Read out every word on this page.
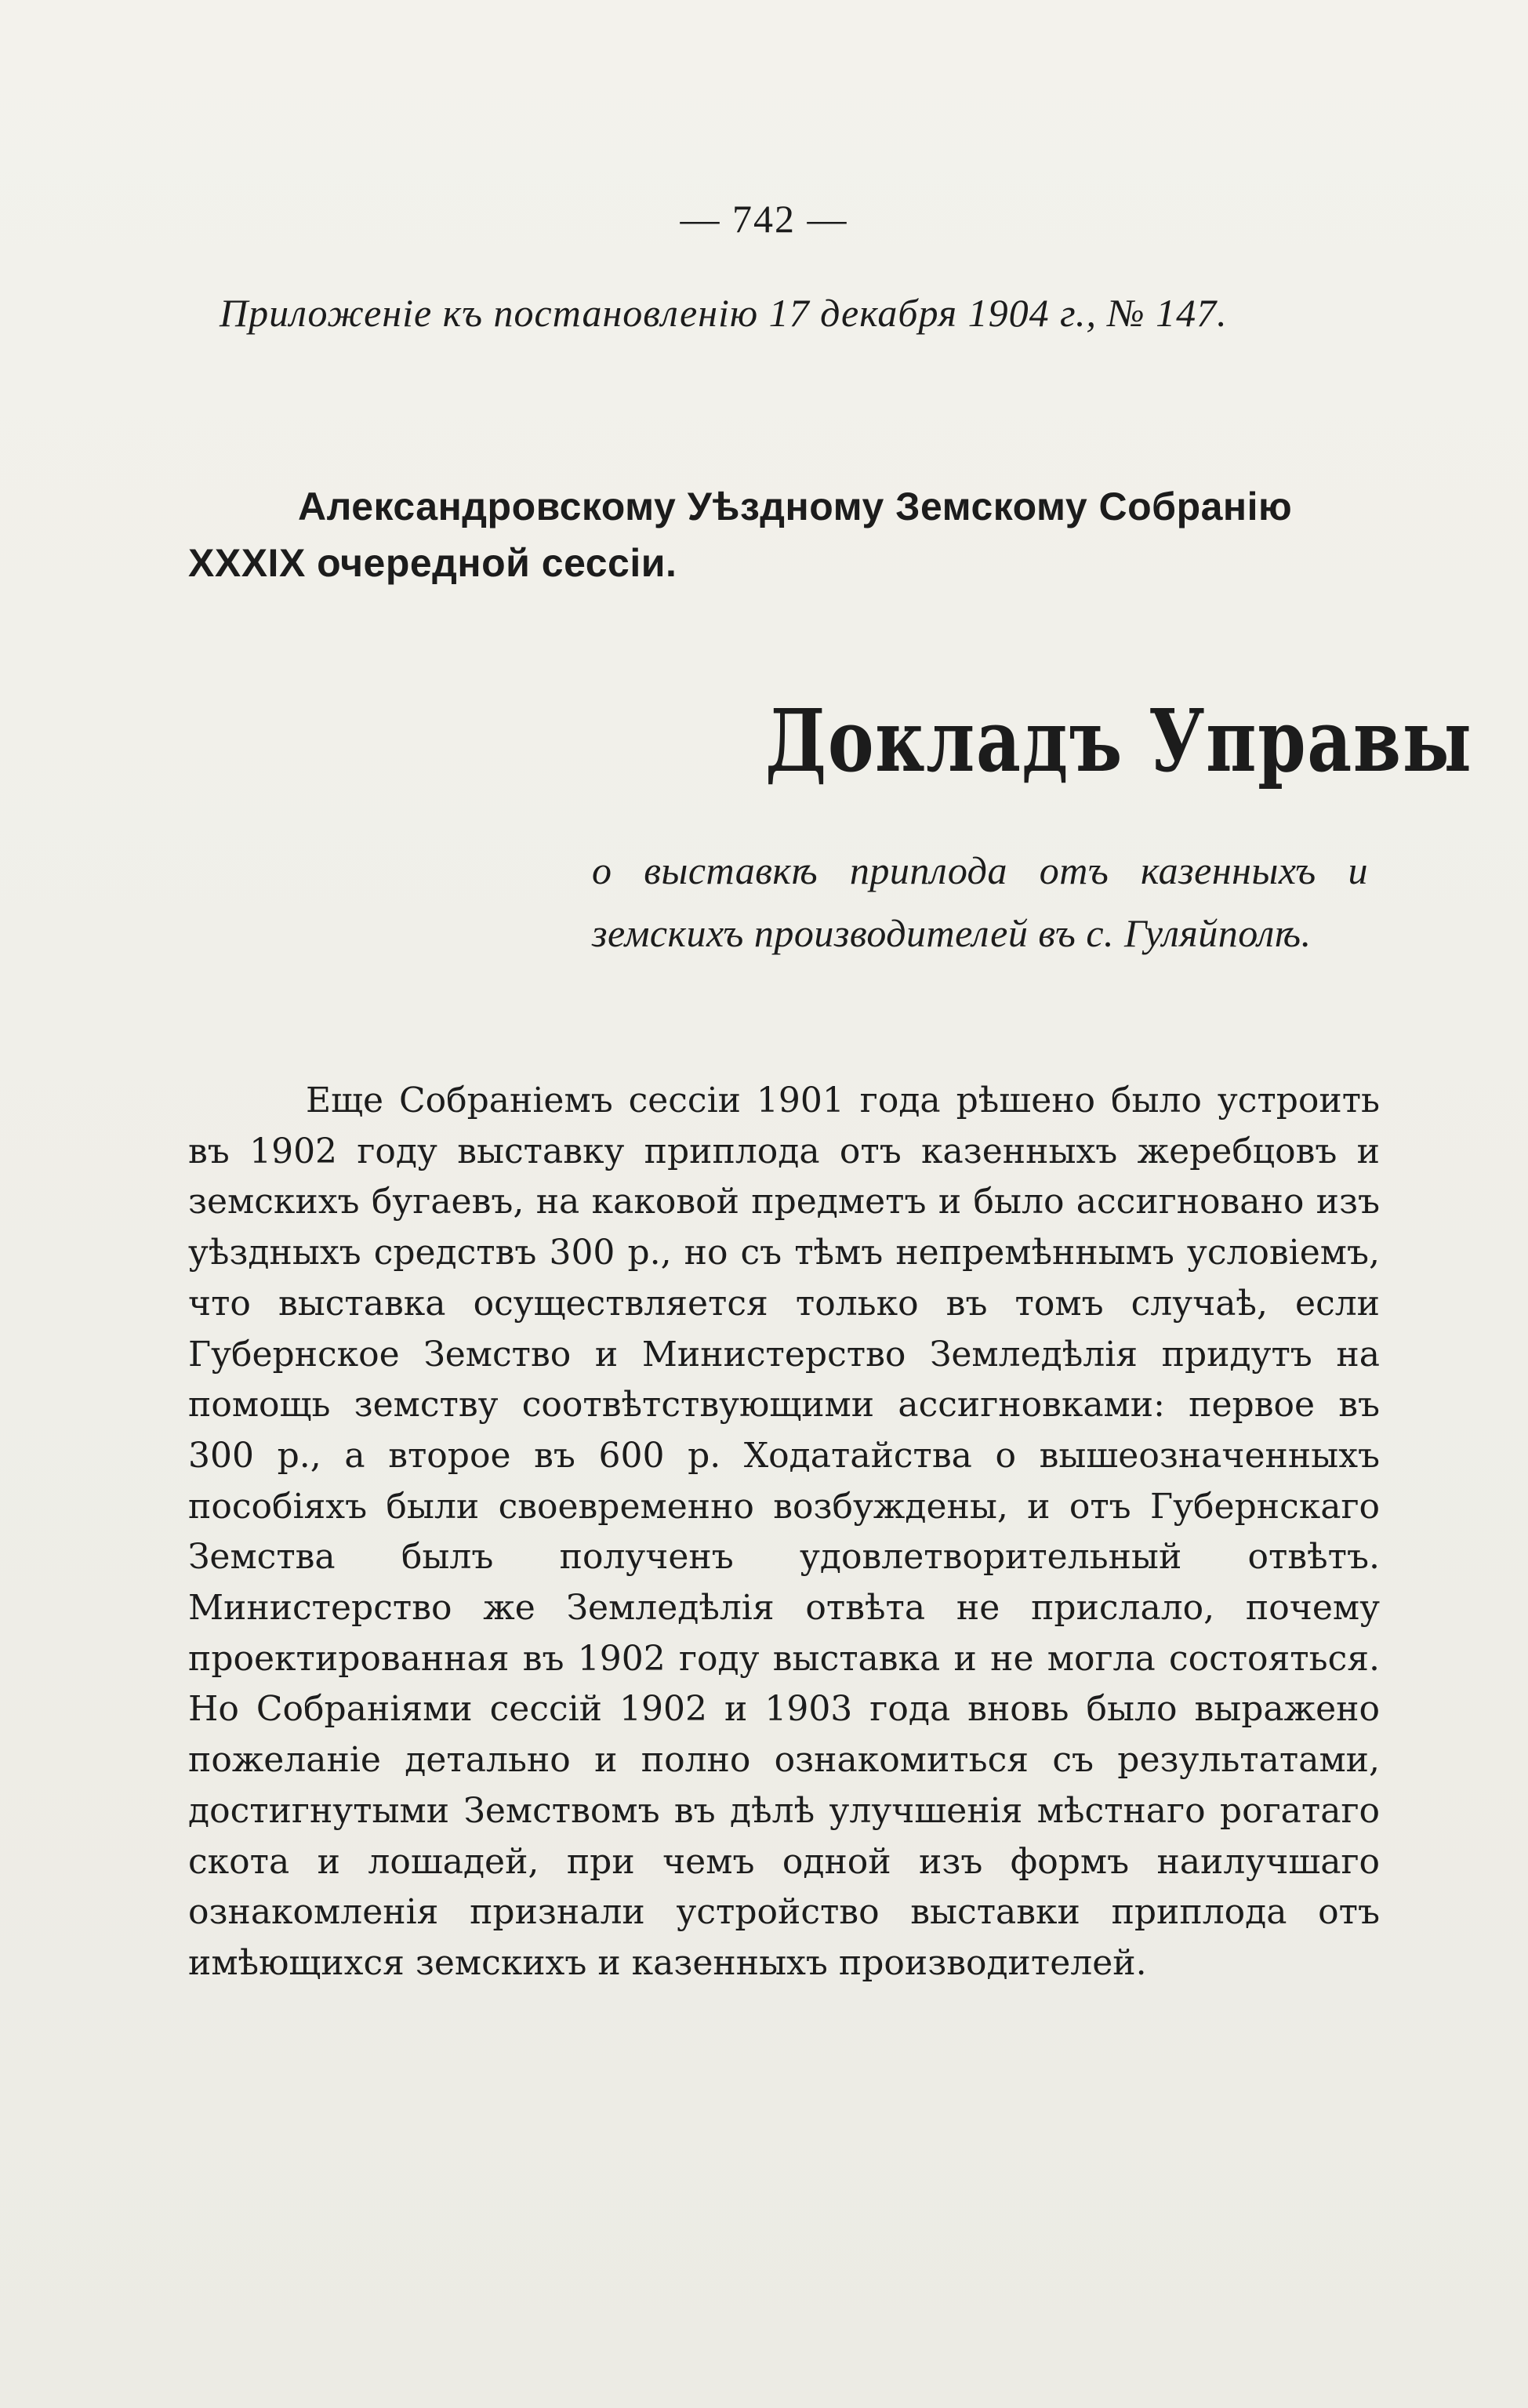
— 742 —
Приложенiе къ постановленiю 17 декабря 1904 г., № 147.
Александровскому Уѣздному Земскому Собранiю XXXIX очередной сессiи.
Докладъ Управы
о выставкѣ приплода отъ казенныхъ и земскихъ производителей въ с. Гуляйполѣ.
Еще Собранiемъ сессiи 1901 года рѣшено было устроить въ 1902 году выставку приплода отъ казенныхъ жеребцовъ и земскихъ бугаевъ, на каковой предметъ и было ассигновано изъ уѣздныхъ средствъ 300 р., но съ тѣмъ непремѣннымъ условiемъ, что выставка осуществляется только въ томъ случаѣ, если Губернское Земство и Министерство Земледѣлiя придутъ на помощь земству соотвѣтствующими ассигновками: первое въ 300 р., а второе въ 600 р. Ходатайства о вышеозначенныхъ пособiяхъ были своевременно возбуждены, и отъ Губернскаго Земства былъ полученъ удовлетворительный отвѣтъ. Министерство же Земледѣлiя отвѣта не прислало, почему проектированная въ 1902 году выставка и не могла состояться. Но Собранiями сессiй 1902 и 1903 года вновь было выражено пожеланiе детально и полно ознакомиться съ результатами, достигнутыми Земствомъ въ дѣлѣ улучшенiя мѣстнаго рогатаго скота и лошадей, при чемъ одной изъ формъ наилучшаго ознакомленiя признали устройство выставки приплода отъ имѣющихся земскихъ и казенныхъ производителей.
